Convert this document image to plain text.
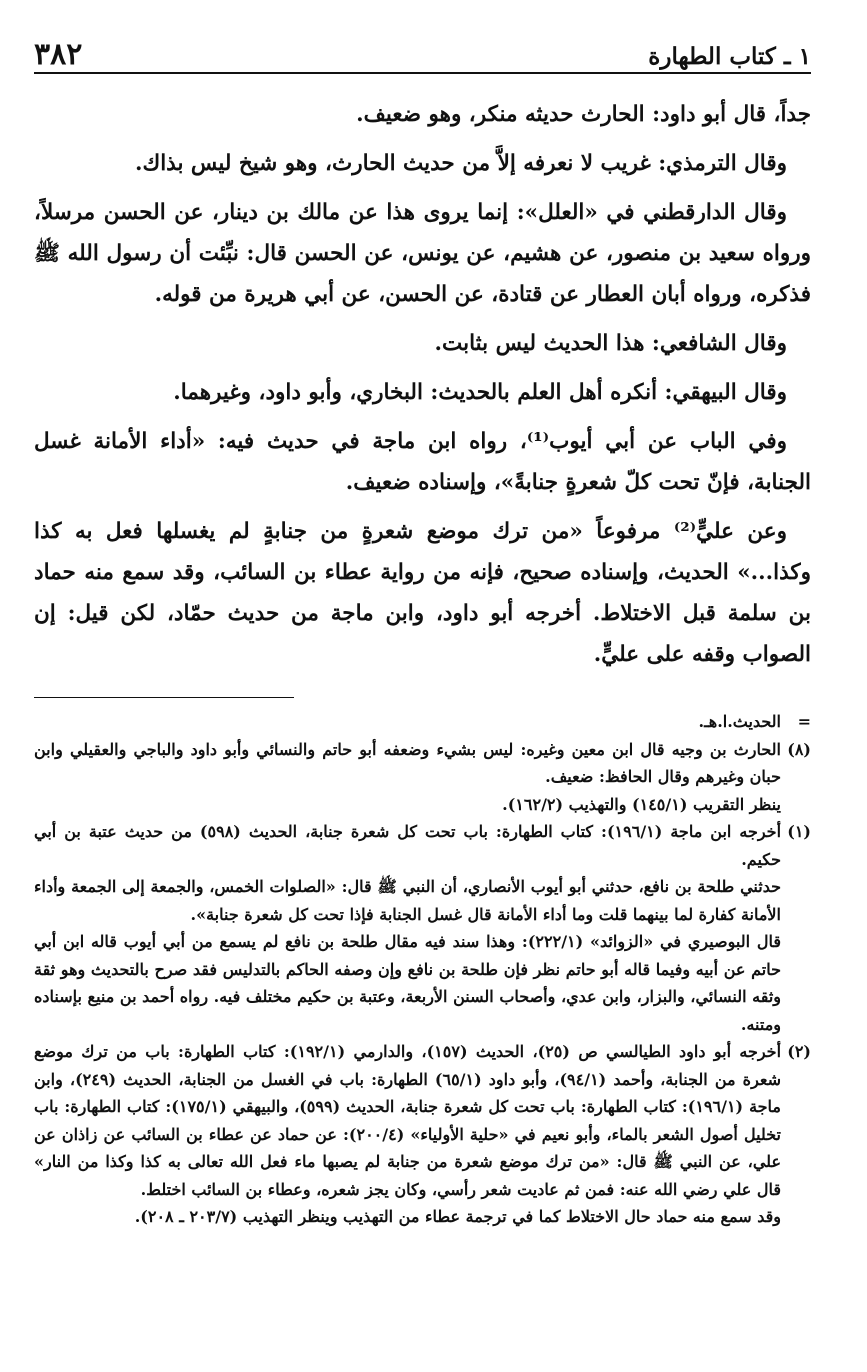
١ ـ كتاب الطهارة
٣٨٢

جداً، قال أبو داود: الحارث حديثه منكر، وهو ضعيف.

وقال الترمذي: غريب لا نعرفه إلاَّ من حديث الحارث، وهو شيخ ليس بذاك.

وقال الدارقطني في «العلل»: إنما يروى هذا عن مالك بن دينار، عن الحسن مرسلاً، ورواه سعيد بن منصور، عن هشيم، عن يونس، عن الحسن قال: نبِّئت أن رسول الله ﷺ فذكره، ورواه أبان العطار عن قتادة، عن الحسن، عن أبي هريرة من قوله.

وقال الشافعي: هذا الحديث ليس بثابت.

وقال البيهقي: أنكره أهل العلم بالحديث: البخاري، وأبو داود، وغيرهما.

وفي الباب عن أبي أيوب⁽¹⁾، رواه ابن ماجة في حديث فيه: «أداء الأمانة غسل الجنابة، فإنّ تحت كلّ شعرةٍ جنابةً»، وإسناده ضعيف.

وعن عليٍّ⁽²⁾ مرفوعاً «من ترك موضع شعرةٍ من جنابةٍ لم يغسلها فعل به كذا وكذا...» الحديث، وإسناده صحيح، فإنه من رواية عطاء بن السائب، وقد سمع منه حماد بن سلمة قبل الاختلاط. أخرجه أبو داود، وابن ماجة من حديث حمّاد، لكن قيل: إن الصواب وقفه على عليٍّ.

=

الحديث.ا.هـ.

(٨)

الحارث بن وجيه قال ابن معين وغيره: ليس بشيء وضعفه أبو حاتم والنسائي وأبو داود والباجي والعقيلي وابن حبان وغيرهم وقال الحافظ: ضعيف.

ينظر التقريب (١٤٥/١) والتهذيب (١٦٢/٢).

(١)

أخرجه ابن ماجة (١٩٦/١): كتاب الطهارة: باب تحت كل شعرة جنابة، الحديث (٥٩٨) من حديث عتبة بن أبي حكيم.

حدثني طلحة بن نافع، حدثني أبو أيوب الأنصاري، أن النبي ﷺ قال: «الصلوات الخمس، والجمعة إلى الجمعة وأداء الأمانة كفارة لما بينهما قلت وما أداء الأمانة قال غسل الجنابة فإذا تحت كل شعرة جنابة».

قال البوصيري في «الزوائد» (٢٢٢/١): وهذا سند فيه مقال طلحة بن نافع لم يسمع من أبي أيوب قاله ابن أبي حاتم عن أبيه وفيما قاله أبو حاتم نظر فإن طلحة بن نافع وإن وصفه الحاكم بالتدليس فقد صرح بالتحديث وهو ثقة وثقه النسائي، والبزار، وابن عدي، وأصحاب السنن الأربعة، وعتبة بن حكيم مختلف فيه. رواه أحمد بن منيع بإسناده ومتنه.

(٢)

أخرجه أبو داود الطيالسي ص (٢٥)، الحديث (١٥٧)، والدارمي (١٩٢/١): كتاب الطهارة: باب من ترك موضع شعرة من الجنابة، وأحمد (٩٤/١)، وأبو داود (٦٥/١) الطهارة: باب في الغسل من الجنابة، الحديث (٢٤٩)، وابن ماجة (١٩٦/١): كتاب الطهارة: باب تحت كل شعرة جنابة، الحديث (٥٩٩)، والبيهقي (١٧٥/١): كتاب الطهارة: باب تخليل أصول الشعر بالماء، وأبو نعيم في «حلية الأولياء» (٢٠٠/٤): عن حماد عن عطاء بن السائب عن زاذان عن علي، عن النبي ﷺ قال: «من ترك موضع شعرة من جنابة لم يصبها ماء فعل الله تعالى به كذا وكذا من النار» قال علي رضي الله عنه: فمن ثم عاديت شعر رأسي، وكان يجز شعره، وعطاء بن السائب اختلط.

وقد سمع منه حماد حال الاختلاط كما في ترجمة عطاء من التهذيب وينظر التهذيب (٢٠٣/٧ ـ ٢٠٨).
